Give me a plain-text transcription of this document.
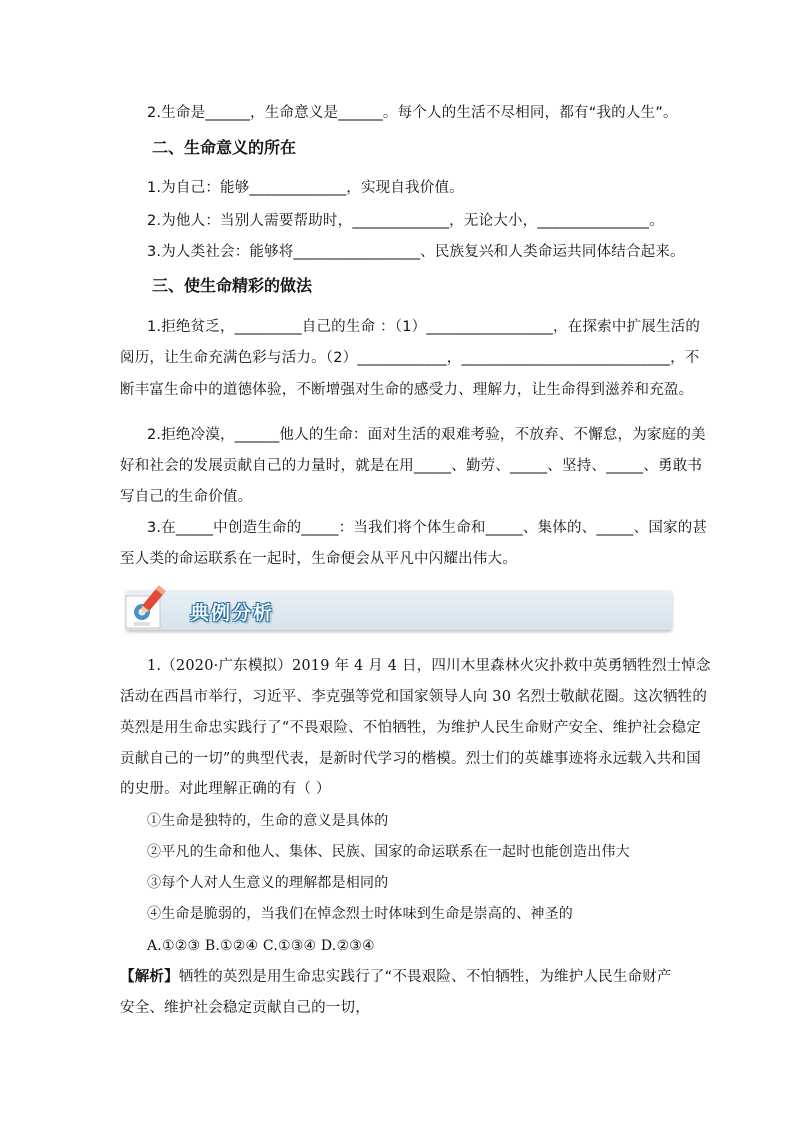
2.生命是______，生命意义是______。每个人的生活不尽相同，都有“我的人生”。
二、生命意义的所在
1.为自己：能够_____________，实现自我价值。
2.为他人：当别人需要帮助时，_____________，无论大小，_______________。
3.为人类社会：能够将_________________、民族复兴和人类命运共同体结合起来。
三、使生命精彩的做法
1.拒绝贫乏，_________自己的生命 ：（1）_________________，在探索中扩展生活的
阅历，让生命充满色彩与活力。（2）____________，____________________________，不
断丰富生命中的道德体验，不断增强对生命的感受力、理解力，让生命得到滋养和充盈。
2.拒绝冷漠，______他人的生命：面对生活的艰难考验，不放弃、不懈怠，为家庭的美
好和社会的发展贡献自己的力量时，就是在用_____、勤劳、_____、坚持、_____、勇敢书
写自己的生命价值。
3.在_____中创造生命的_____：当我们将个体生命和_____、集体的、_____、国家的甚
至人类的命运联系在一起时，生命便会从平凡中闪耀出伟大。
典例分析
1.（2020·广东模拟）2019 年 4 月 4 日，四川木里森林火灾扑救中英勇牺牲烈士悼念
活动在西昌市举行，习近平、李克强等党和国家领导人向 30 名烈士敬献花圈。这次牺牲的
英烈是用生命忠实践行了“不畏艰险、不怕牺牲，为维护人民生命财产安全、维护社会稳定
贡献自己的一切”的典型代表，是新时代学习的楷模。烈士们的英雄事迹将永远载入共和国
的史册。对此理解正确的有（ ）
①生命是独特的，生命的意义是具体的
②平凡的生命和他人、集体、民族、国家的命运联系在一起时也能创造出伟大
③每个人对人生意义的理解都是相同的
④生命是脆弱的，当我们在悼念烈士时体味到生命是崇高的、神圣的
A.①②③ B.①②④ C.①③④ D.②③④
【解析】牺牲的英烈是用生命忠实践行了“不畏艰险、不怕牺牲，为维护人民生命财产
安全、维护社会稳定贡献自己的一切，
